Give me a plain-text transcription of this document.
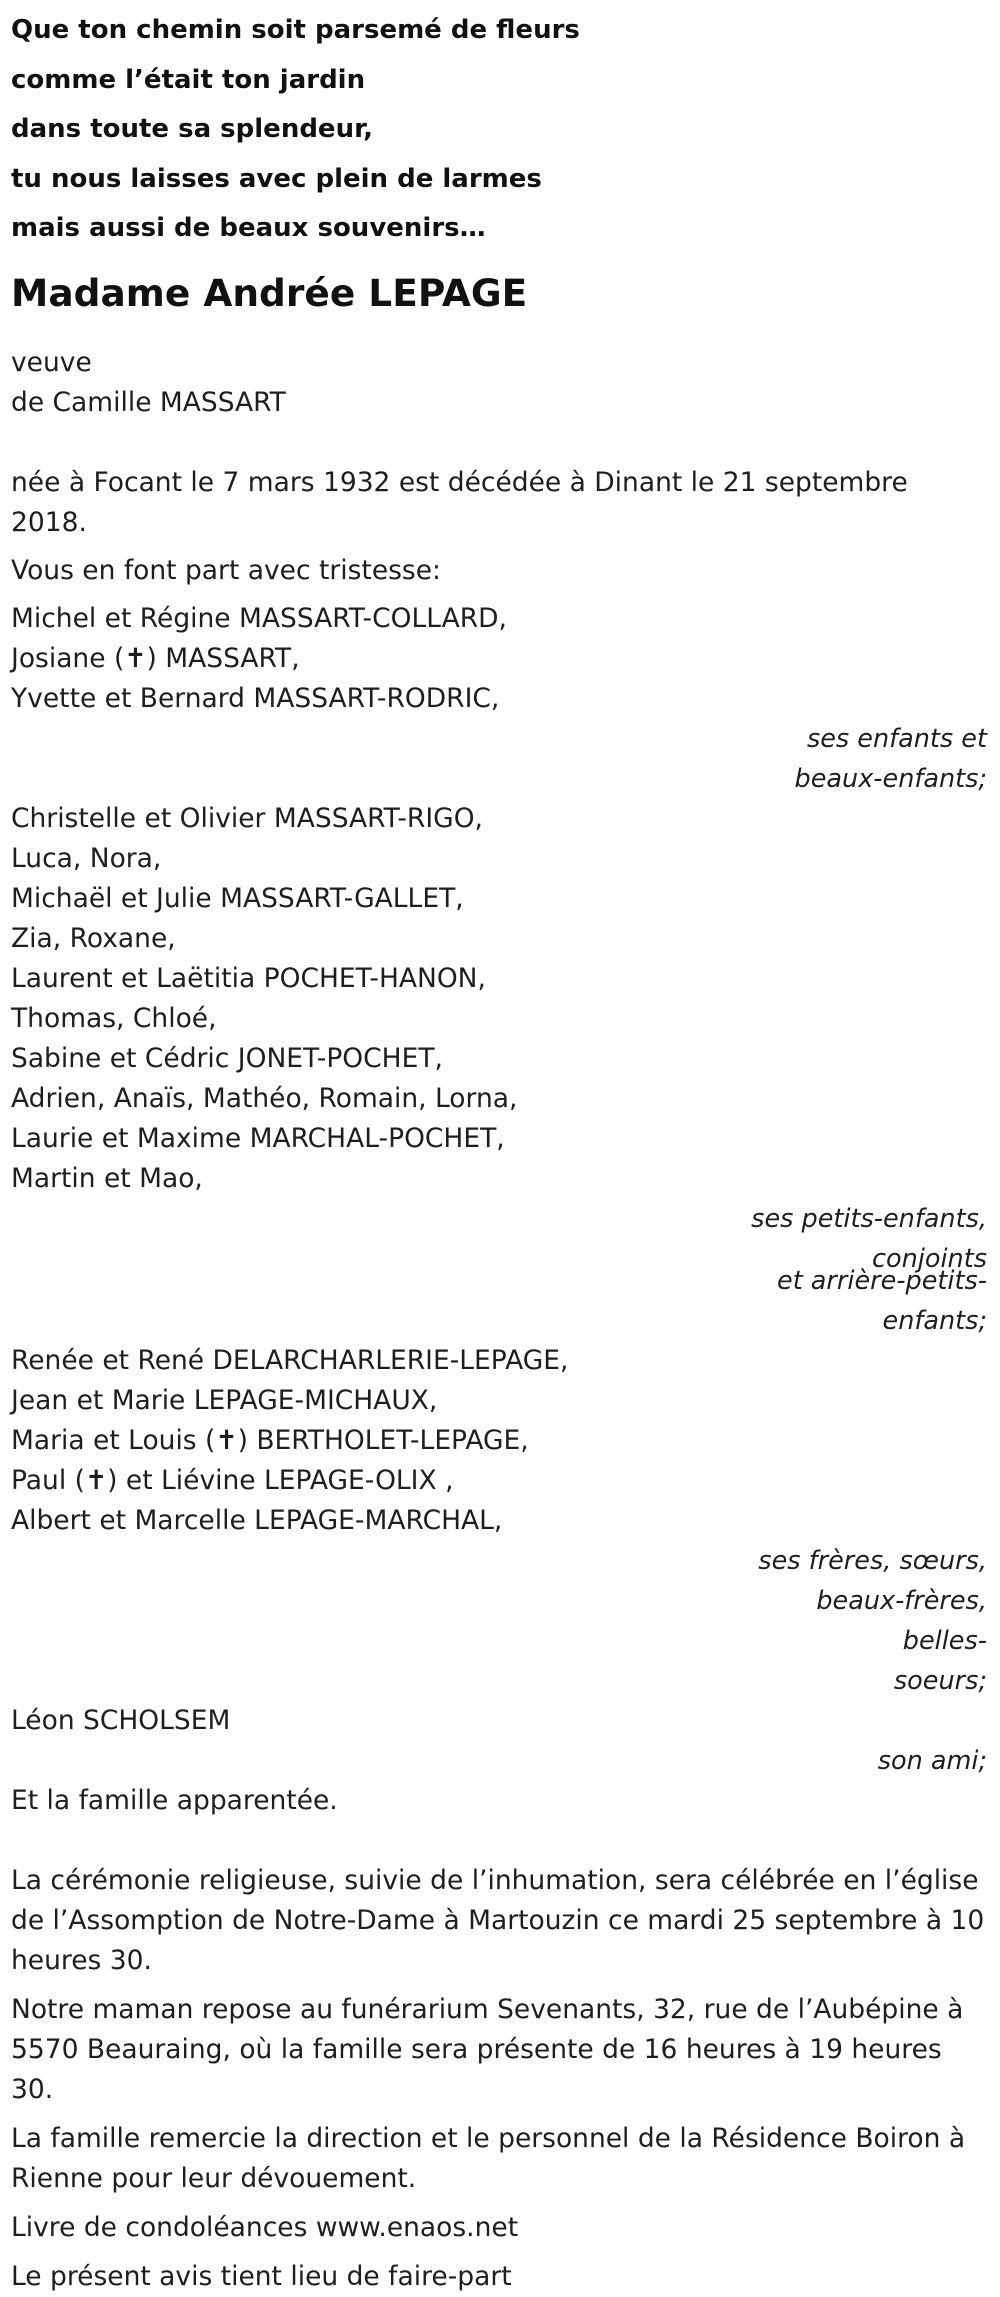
Que ton chemin soit parsemé de fleurs
comme l’était ton jardin
dans toute sa splendeur,
tu nous laisses avec plein de larmes
mais aussi de beaux souvenirs…
Madame Andrée LEPAGE
veuve
de Camille MASSART
née à Focant le 7 mars 1932 est décédée à Dinant le 21 septembre 2018.
Vous en font part avec tristesse:
Michel et Régine MASSART-COLLARD,
Josiane (✝) MASSART,
Yvette et Bernard MASSART-RODRIC,
ses enfants et
beaux-enfants;
Christelle et Olivier MASSART-RIGO,
Luca, Nora,
Michaël et Julie MASSART-GALLET,
Zia, Roxane,
Laurent et Laëtitia POCHET-HANON,
Thomas, Chloé,
Sabine et Cédric JONET-POCHET,
Adrien, Anaïs, Mathéo, Romain, Lorna,
Laurie et Maxime MARCHAL-POCHET,
Martin et Mao,
ses petits-enfants,
conjoints
et arrière-petits-
enfants;
Renée et René DELARCHARLERIE-LEPAGE,
Jean et Marie LEPAGE-MICHAUX,
Maria et Louis (✝) BERTHOLET-LEPAGE,
Paul (✝) et Liévine LEPAGE-OLIX ,
Albert et Marcelle LEPAGE-MARCHAL,
ses frères, sœurs,
beaux-frères, belles-
soeurs;
Léon SCHOLSEM
son ami;
Et la famille apparentée.
La cérémonie religieuse, suivie de l’inhumation, sera célébrée en l’église de l’Assomption de Notre-Dame à Martouzin ce mardi 25 septembre à 10 heures 30.
Notre maman repose au funérarium Sevenants, 32, rue de l’Aubépine à 5570 Beauraing, où la famille sera présente de 16 heures à 19 heures 30.
La famille remercie la direction et le personnel de la Résidence Boiron à Rienne pour leur dévouement.
Livre de condoléances www.enaos.net
Le présent avis tient lieu de faire-part
